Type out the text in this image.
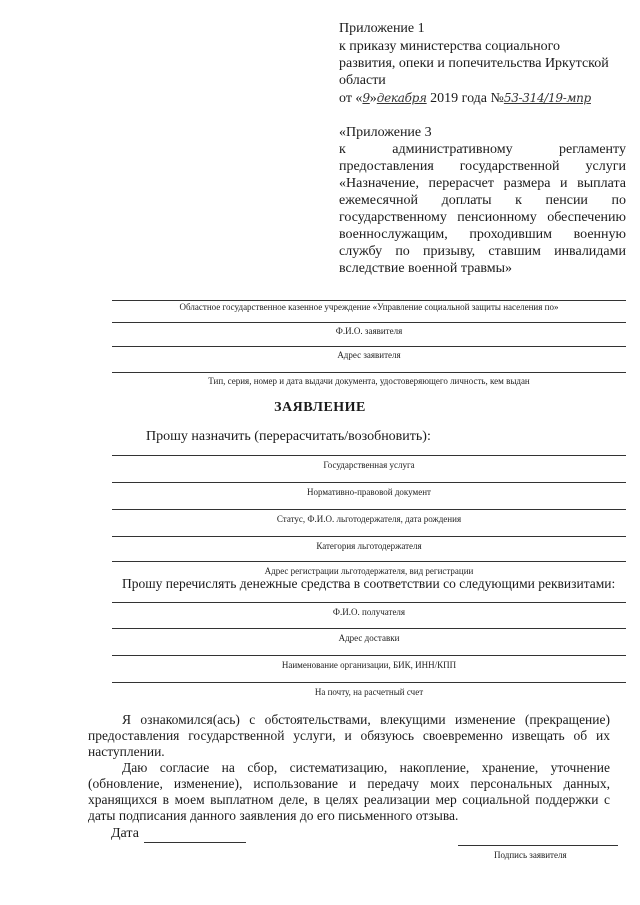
Приложение 1
к приказу министерства социального
развития, опеки и попечительства Иркутской
области
от «9»декабря 2019 года №53-314/19-мпр
«Приложение 3
к административному регламенту
предоставления государственной услуги
«Назначение, перерасчет размера и выплата
ежемесячной доплаты к пенсии по
государственному пенсионному обеспечению
военнослужащим, проходившим военную
службу по призыву, ставшим инвалидами
вследствие военной травмы»
Областное государственное казенное учреждение «Управление социальной защиты населения по»
Ф.И.О. заявителя
Адрес заявителя
Тип, серия, номер и дата выдачи документа, удостоверяющего личность, кем выдан
ЗАЯВЛЕНИЕ
Прошу назначить (перерасчитать/возобновить):
Государственная услуга
Нормативно-правовой документ
Статус, Ф.И.О. льготодержателя, дата рождения
Категория льготодержателя
Адрес регистрации льготодержателя, вид регистрации
Прошу перечислять денежные средства в соответствии со следующими реквизитами:
Ф.И.О. получателя
Адрес доставки
Наименование организации, БИК, ИНН/КПП
На почту, на расчетный счет
Я ознакомился(ась) с обстоятельствами, влекущими изменение (прекращение) предоставления государственной услуги, и обязуюсь своевременно извещать об их наступлении.
Даю согласие на сбор, систематизацию, накопление, хранение, уточнение (обновление, изменение), использование и передачу моих персональных данных, хранящихся в моем выплатном деле, в целях реализации мер социальной поддержки с даты подписания данного заявления до его письменного отзыва.
Дата
Подпись заявителя
